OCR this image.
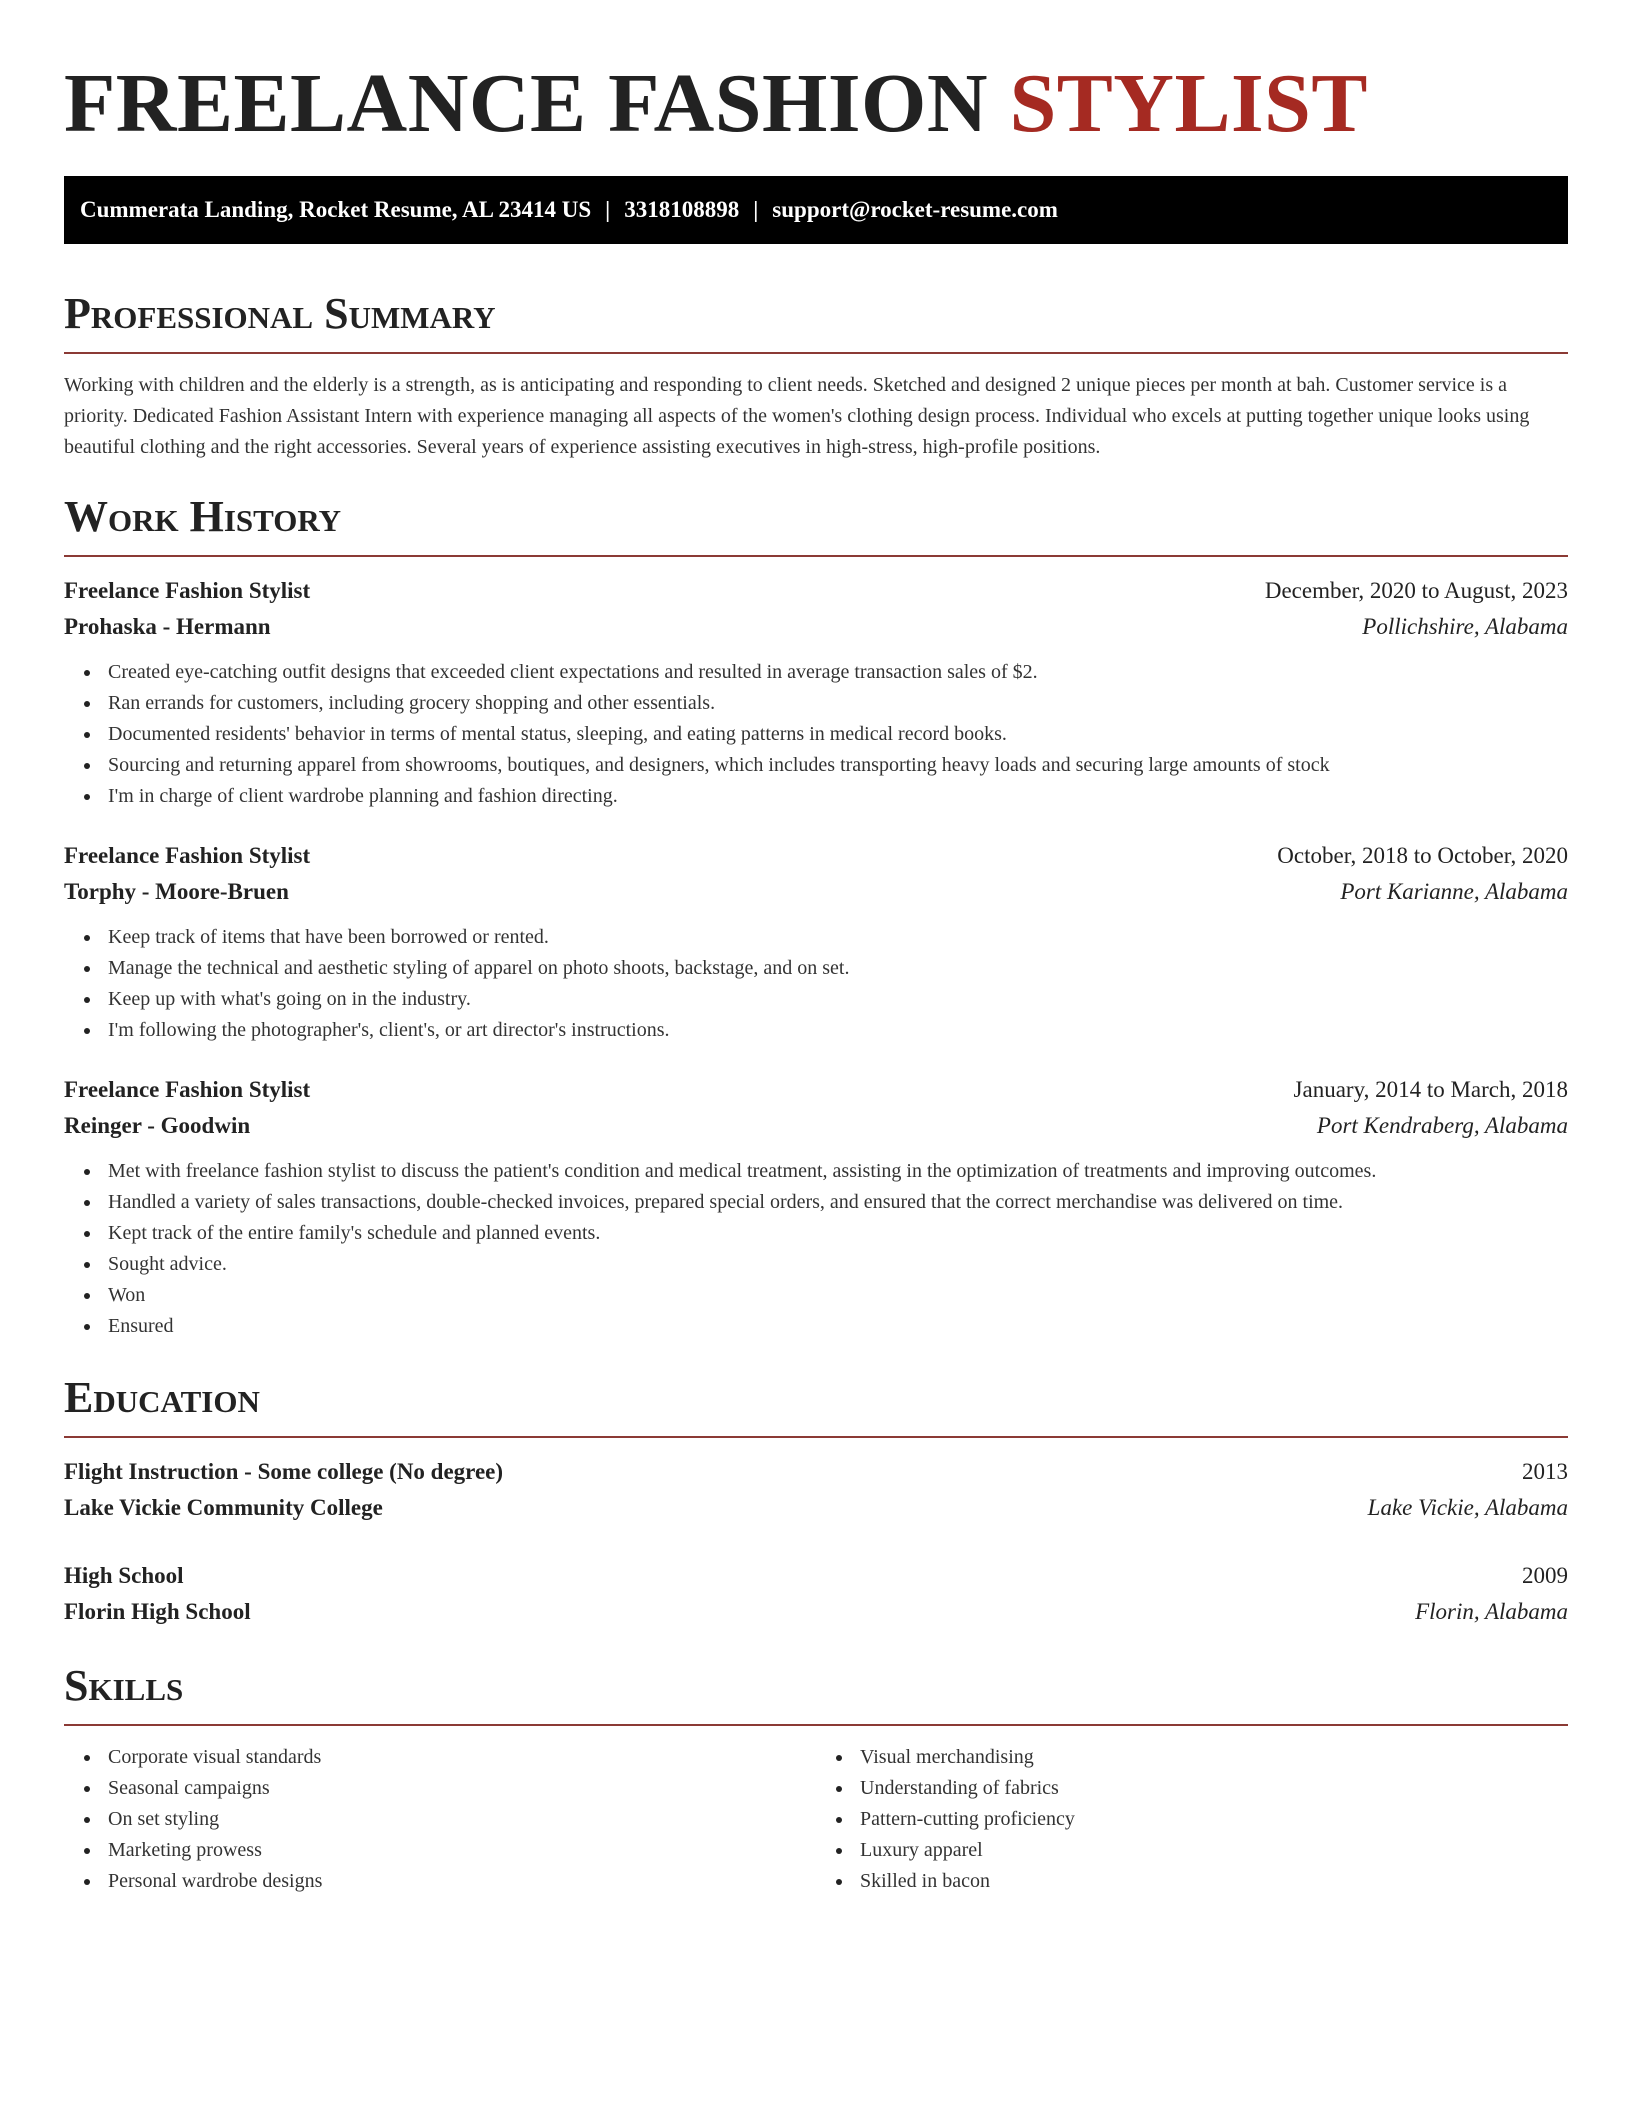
FREELANCE FASHION STYLIST
Cummerata Landing, Rocket Resume, AL 23414 US | 3318108898 | support@rocket-resume.com
Professional Summary

Working with children and the elderly is a strength, as is anticipating and responding to client needs. Sketched and designed 2 unique pieces per month at bah. Customer service is a priority. Dedicated Fashion Assistant Intern with experience managing all aspects of the women's clothing design process. Individual who excels at putting together unique looks using beautiful clothing and the right accessories. Several years of experience assisting executives in high-stress, high-profile positions.

Work History
Freelance Fashion Stylist	December, 2020 to August, 2023
Prohaska - Hermann	Pollichshire, Alabama
Created eye-catching outfit designs that exceeded client expectations and resulted in average transaction sales of $2.
Ran errands for customers, including grocery shopping and other essentials.
Documented residents' behavior in terms of mental status, sleeping, and eating patterns in medical record books.
Sourcing and returning apparel from showrooms, boutiques, and designers, which includes transporting heavy loads and securing large amounts of stock
I'm in charge of client wardrobe planning and fashion directing.
Freelance Fashion Stylist	October, 2018 to October, 2020
Torphy - Moore-Bruen	Port Karianne, Alabama
Keep track of items that have been borrowed or rented.
Manage the technical and aesthetic styling of apparel on photo shoots, backstage, and on set.
Keep up with what's going on in the industry.
I'm following the photographer's, client's, or art director's instructions.
Freelance Fashion Stylist	January, 2014 to March, 2018
Reinger - Goodwin	Port Kendraberg, Alabama
Met with freelance fashion stylist to discuss the patient's condition and medical treatment, assisting in the optimization of treatments and improving outcomes.
Handled a variety of sales transactions, double-checked invoices, prepared special orders, and ensured that the correct merchandise was delivered on time.
Kept track of the entire family's schedule and planned events.
Sought advice.
Won
Ensured
Education
Flight Instruction - Some college (No degree)	2013
Lake Vickie Community College	Lake Vickie, Alabama
High School	2009
Florin High School	Florin, Alabama
Skills
Corporate visual standards
Seasonal campaigns
On set styling
Marketing prowess
Personal wardrobe designs
Visual merchandising
Understanding of fabrics
Pattern-cutting proficiency
Luxury apparel
Skilled in bacon
